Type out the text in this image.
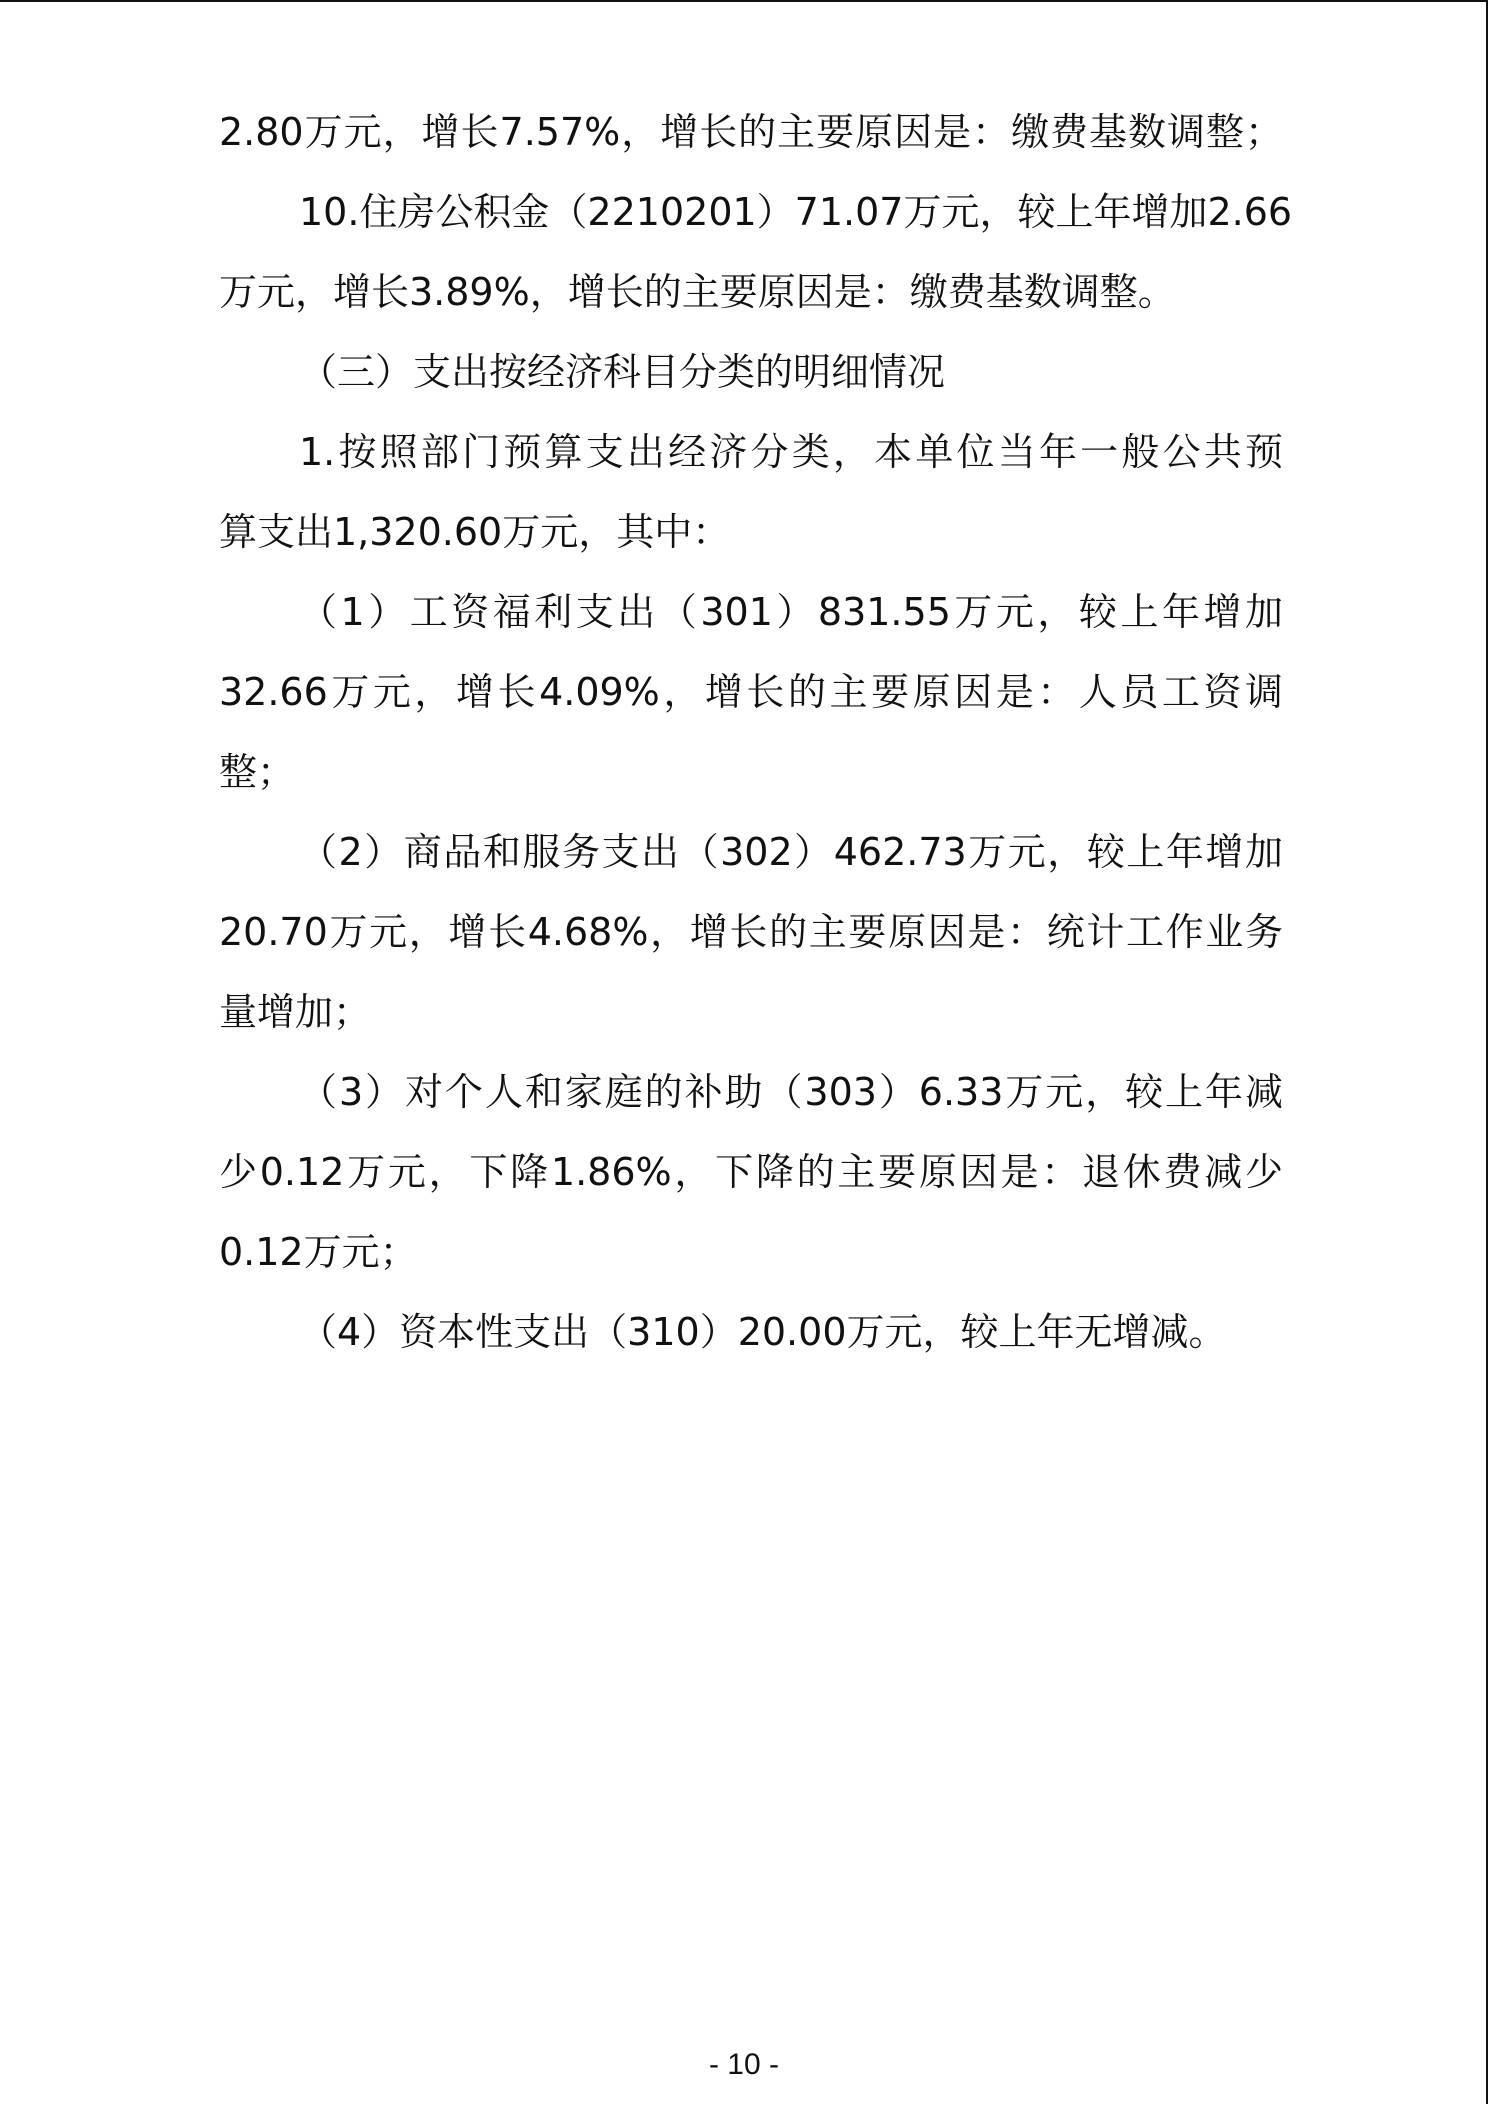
2.80万元，增长7.57%，增长的主要原因是：缴费基数调整；
10.住房公积金（2210201）71.07万元，较上年增加2.66
万元，增长3.89%，增长的主要原因是：缴费基数调整。
（三）支出按经济科目分类的明细情况
1.按照部门预算支出经济分类，本单位当年一般公共预
算支出1,320.60万元，其中：
（1）工资福利支出（301）831.55万元，较上年增加
32.66万元，增长4.09%，增长的主要原因是：人员工资调
整；
（2）商品和服务支出（302）462.73万元，较上年增加
20.70万元，增长4.68%，增长的主要原因是：统计工作业务
量增加；
（3）对个人和家庭的补助（303）6.33万元，较上年减
少0.12万元，下降1.86%，下降的主要原因是：退休费减少
0.12万元；
（4）资本性支出（310）20.00万元，较上年无增减。
- 10 -
